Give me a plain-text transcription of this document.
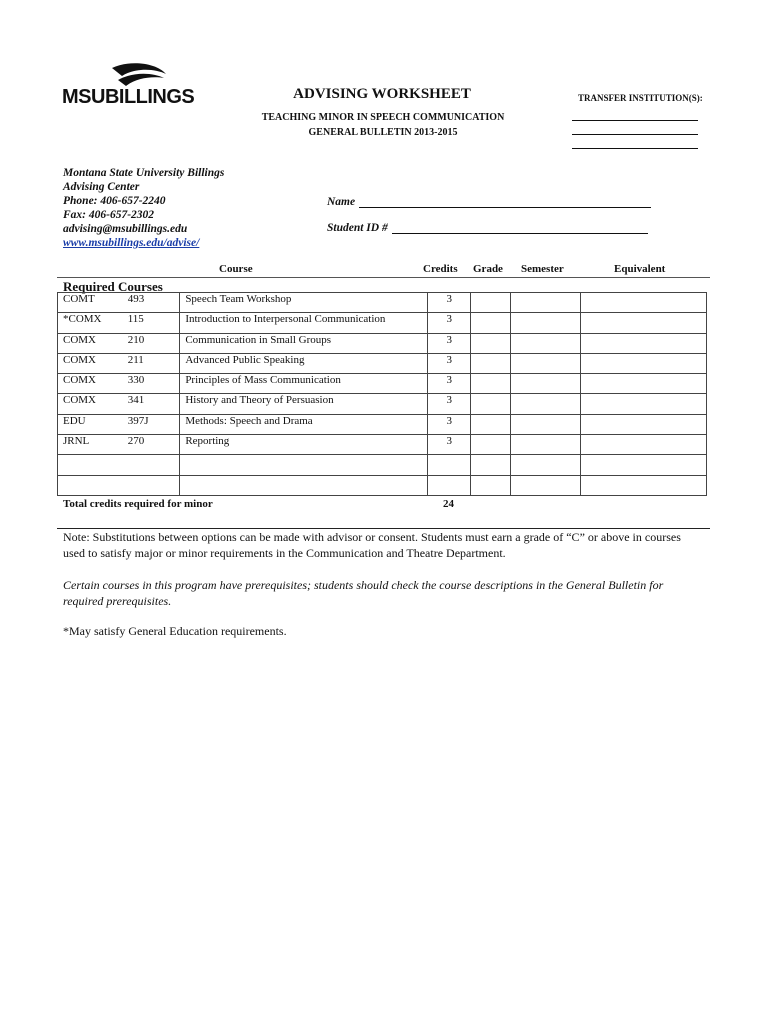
MSUBILLINGS	ADVISING WORKSHEET
TEACHING MINOR IN SPEECH COMMUNICATION
GENERAL BULLETIN 2013-2015
TRANSFER INSTITUTION(S):
Montana State University Billings
Advising Center
Phone: 406-657-2240
Fax: 406-657-2302
advising@msubillings.edu
www.msubillings.edu/advise/
Name
Student ID #
Course	Credits Grade Semester	Equivalent
Required Courses
COMT	493	Speech Team Workshop	3			
*COMX	115	Introduction to Interpersonal Communication	3			
COMX	210	Communication in Small Groups	3			
COMX	211	Advanced Public Speaking	3			
COMX	330	Principles of Mass Communication	3			
COMX	341	History and Theory of Persuasion	3			
EDU	397J	Methods: Speech and Drama	3			
JRNL	270	Reporting	3			

Total credits required for minor	24
Note: Substitutions between options can be made with advisor or consent. Students must earn a grade of “C” or above in courses used to satisfy major or minor requirements in the Communication and Theatre Department.
Certain courses in this program have prerequisites; students should check the course descriptions in the General Bulletin for required prerequisites.
*May satisfy General Education requirements.
